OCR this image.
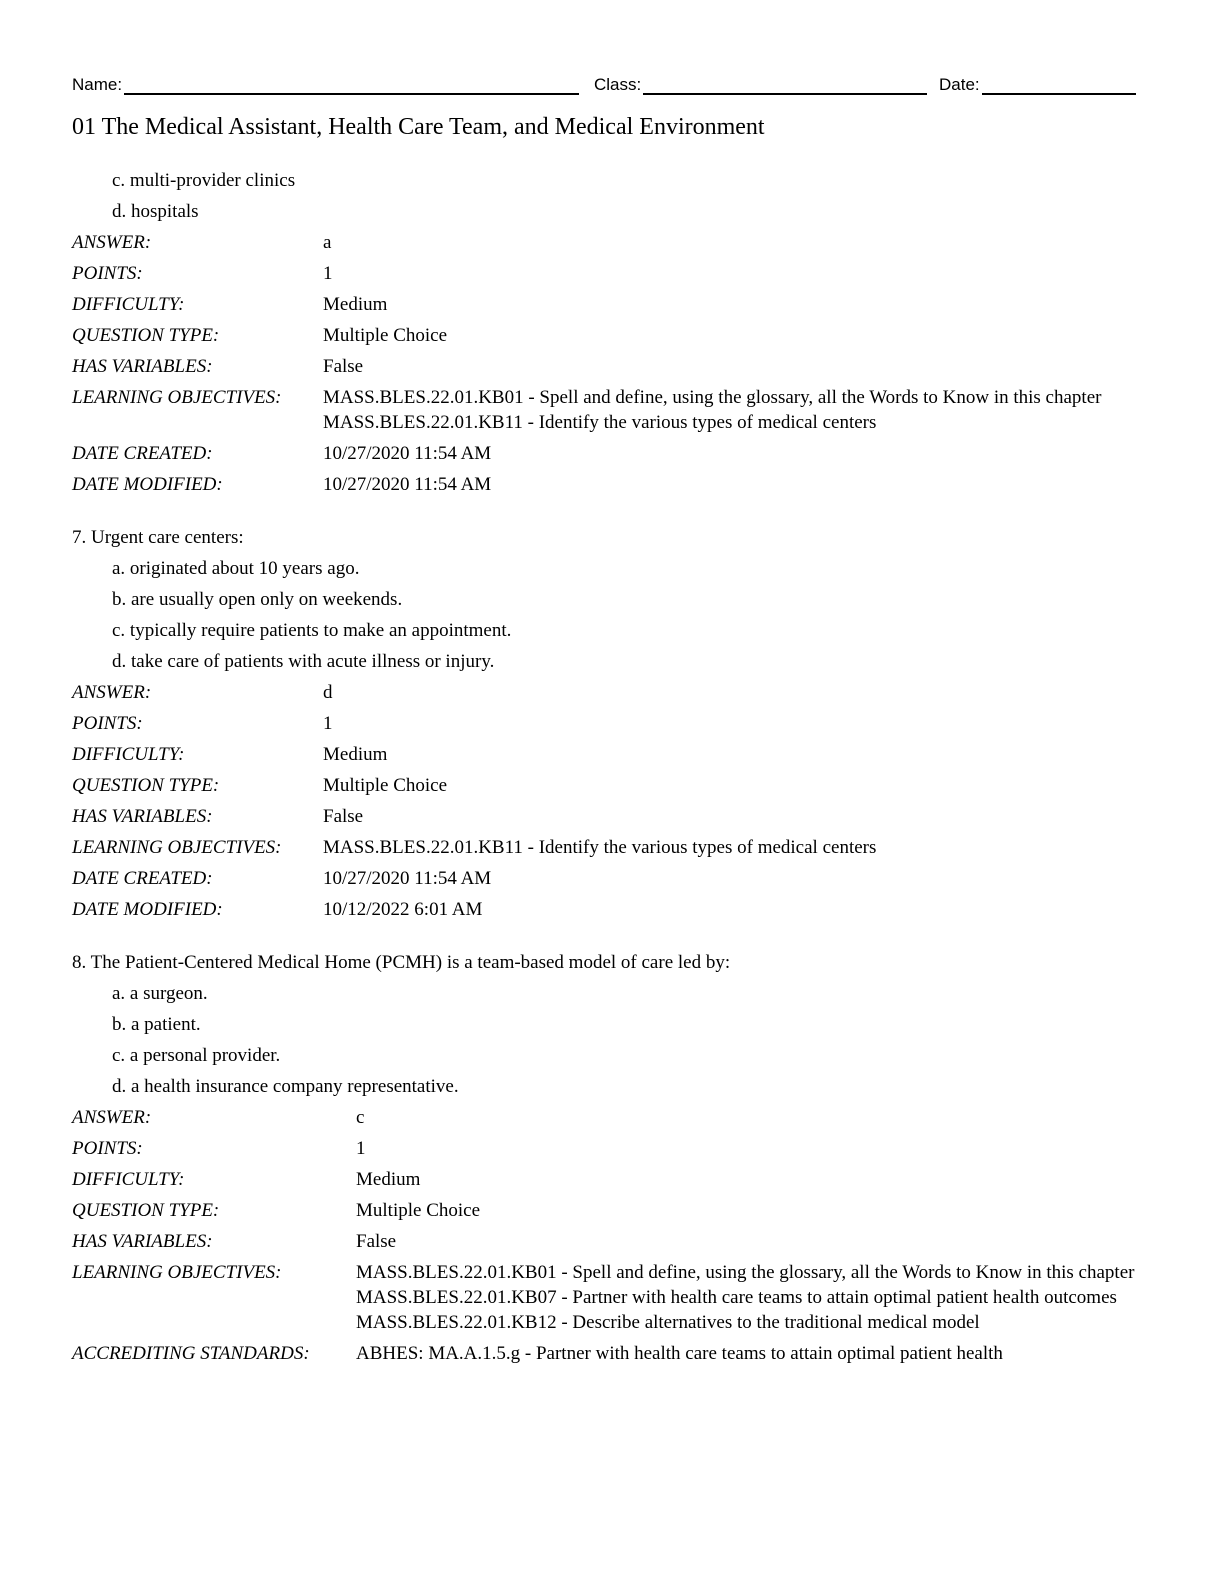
Name:	Class:	Date:
01 The Medical Assistant, Health Care Team, and Medical Environment
c. multi-provider clinics
d. hospitals
ANSWER:	a
POINTS:	1
DIFFICULTY:	Medium
QUESTION TYPE:	Multiple Choice
HAS VARIABLES:	False
LEARNING OBJECTIVES:	MASS.BLES.22.01.KB01 - Spell and define, using the glossary, all the Words to Know in this chapter
MASS.BLES.22.01.KB11 - Identify the various types of medical centers
DATE CREATED:	10/27/2020 11:54 AM
DATE MODIFIED:	10/27/2020 11:54 AM
7. Urgent care centers:
a. originated about 10 years ago.
b. are usually open only on weekends.
c. typically require patients to make an appointment.
d. take care of patients with acute illness or injury.
ANSWER:	d
POINTS:	1
DIFFICULTY:	Medium
QUESTION TYPE:	Multiple Choice
HAS VARIABLES:	False
LEARNING OBJECTIVES:	MASS.BLES.22.01.KB11 - Identify the various types of medical centers
DATE CREATED:	10/27/2020 11:54 AM
DATE MODIFIED:	10/12/2022 6:01 AM
8. The Patient-Centered Medical Home (PCMH) is a team-based model of care led by:
a. a surgeon.
b. a patient.
c. a personal provider.
d. a health insurance company representative.
ANSWER:	c
POINTS:	1
DIFFICULTY:	Medium
QUESTION TYPE:	Multiple Choice
HAS VARIABLES:	False
LEARNING OBJECTIVES:	MASS.BLES.22.01.KB01 - Spell and define, using the glossary, all the Words to Know in this chapter
MASS.BLES.22.01.KB07 - Partner with health care teams to attain optimal patient health outcomes
MASS.BLES.22.01.KB12 - Describe alternatives to the traditional medical model
ACCREDITING STANDARDS:	ABHES: MA.A.1.5.g - Partner with health care teams to attain optimal patient health
